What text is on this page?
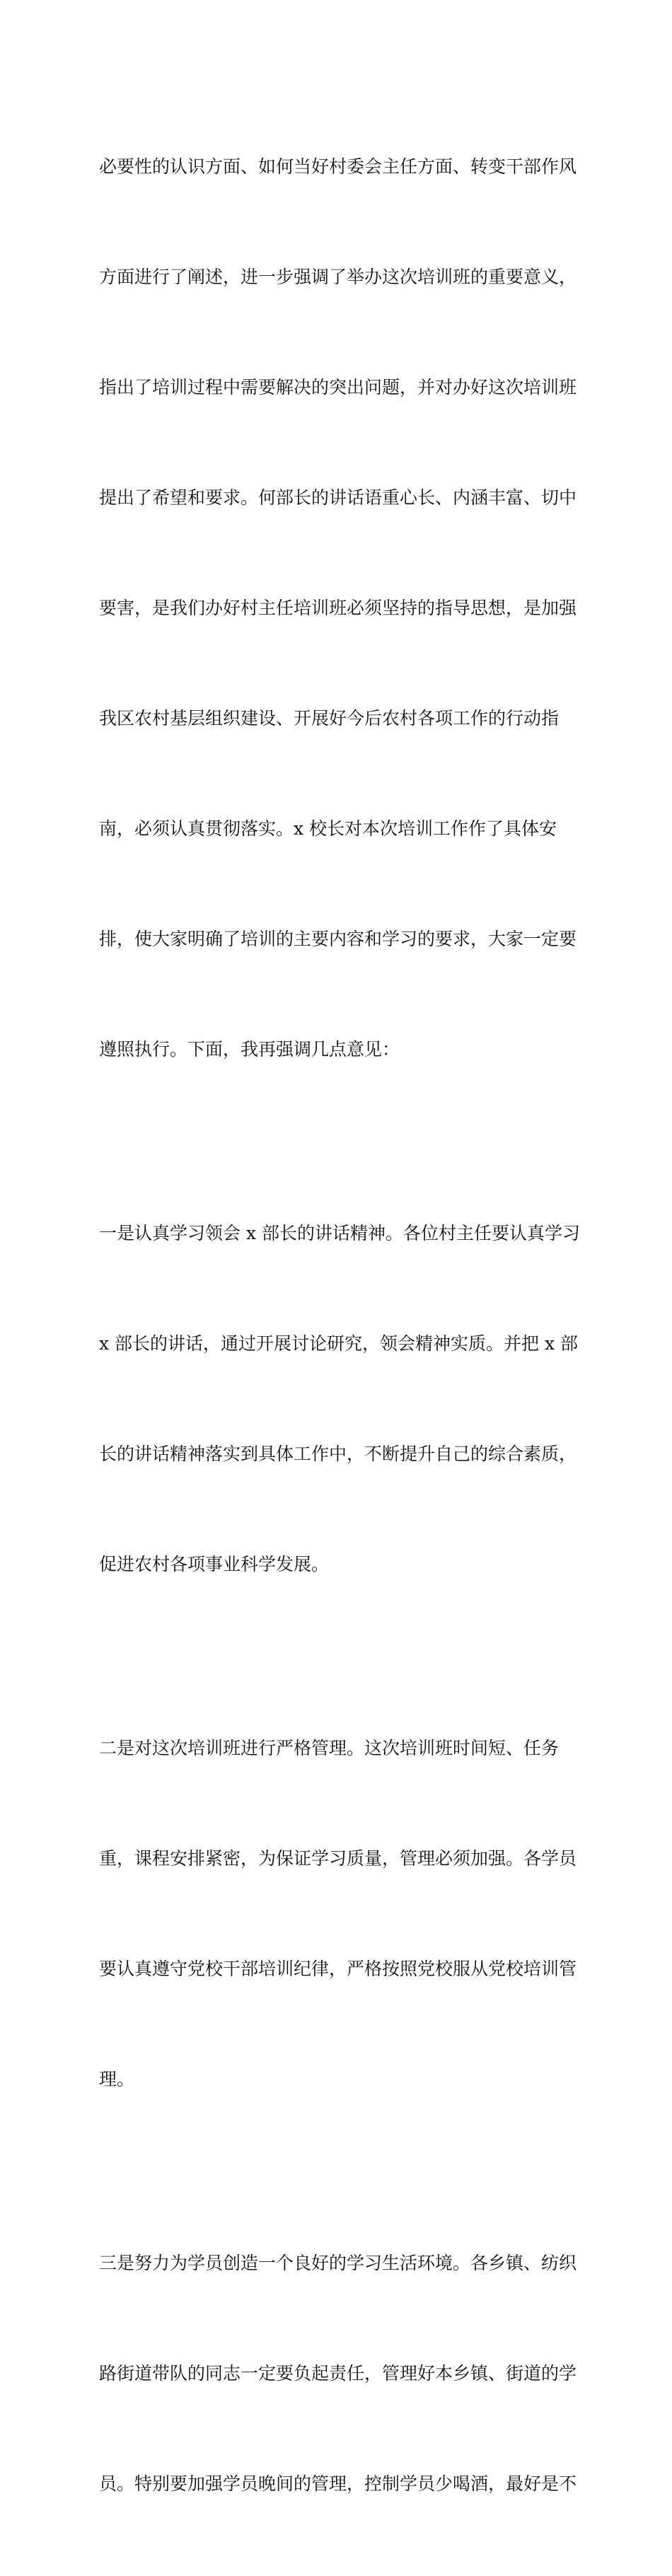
必要性的认识方面、如何当好村委会主任方面、转变干部作风

方面进行了阐述，进一步强调了举办这次培训班的重要意义，

指出了培训过程中需要解决的突出问题，并对办好这次培训班

提出了希望和要求。何部长的讲话语重心长、内涵丰富、切中

要害，是我们办好村主任培训班必须坚持的指导思想，是加强

我区农村基层组织建设、开展好今后农村各项工作的行动指

南，必须认真贯彻落实。x 校长对本次培训工作作了具体安

排，使大家明确了培训的主要内容和学习的要求，大家一定要

遵照执行。下面，我再强调几点意见：

一是认真学习领会 x 部长的讲话精神。各位村主任要认真学习

x 部长的讲话，通过开展讨论研究，领会精神实质。并把 x 部

长的讲话精神落实到具体工作中，不断提升自己的综合素质，

促进农村各项事业科学发展。

二是对这次培训班进行严格管理。这次培训班时间短、任务

重，课程安排紧密，为保证学习质量，管理必须加强。各学员

要认真遵守党校干部培训纪律，严格按照党校服从党校培训管

理。

三是努力为学员创造一个良好的学习生活环境。各乡镇、纺织

路街道带队的同志一定要负起责任，管理好本乡镇、街道的学

员。特别要加强学员晚间的管理，控制学员少喝酒，最好是不
